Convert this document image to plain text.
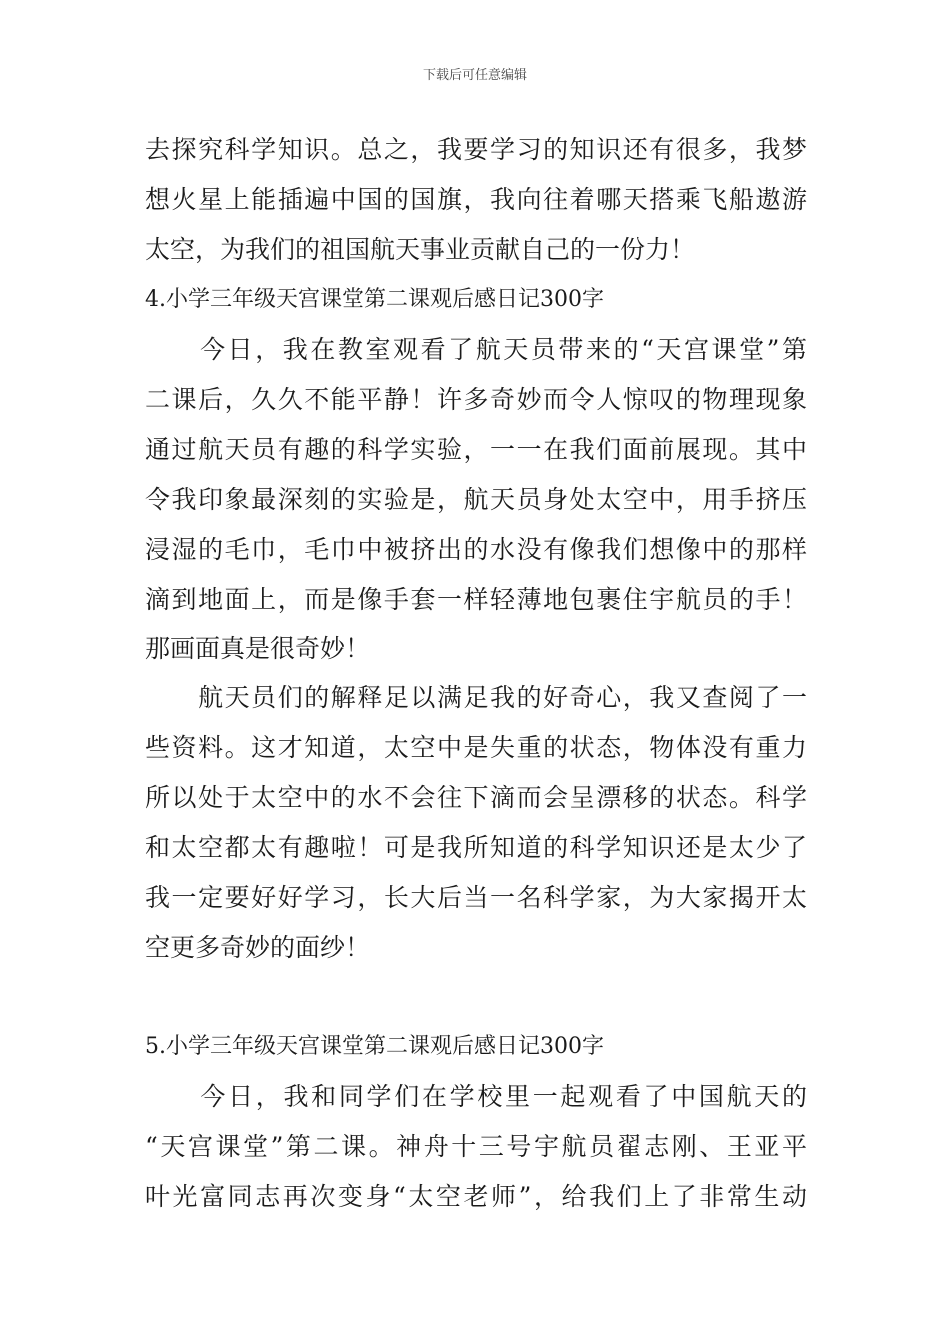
下载后可任意编辑
去探究科学知识。总之，我要学习的知识还有很多，我梦
想火星上能插遍中国的国旗，我向往着哪天搭乘飞船遨游
太空，为我们的祖国航天事业贡献自己的一份力！
4.小学三年级天宫课堂第二课观后感日记300字
　　今日，我在教室观看了航天员带来的“天宫课堂”第
二课后，久久不能平静！许多奇妙而令人惊叹的物理现象
通过航天员有趣的科学实验，一一在我们面前展现。其中
令我印象最深刻的实验是，航天员身处太空中，用手挤压
浸湿的毛巾，毛巾中被挤出的水没有像我们想像中的那样
滴到地面上，而是像手套一样轻薄地包裹住宇航员的手！
那画面真是很奇妙！
　　航天员们的解释足以满足我的好奇心，我又查阅了一
些资料。这才知道，太空中是失重的状态，物体没有重力
所以处于太空中的水不会往下滴而会呈漂移的状态。科学
和太空都太有趣啦！可是我所知道的科学知识还是太少了
我一定要好好学习，长大后当一名科学家，为大家揭开太
空更多奇妙的面纱！
5.小学三年级天宫课堂第二课观后感日记300字
　　今日，我和同学们在学校里一起观看了中国航天的
“天宫课堂”第二课。神舟十三号宇航员翟志刚、王亚平
叶光富同志再次变身“太空老师”，给我们上了非常生动
